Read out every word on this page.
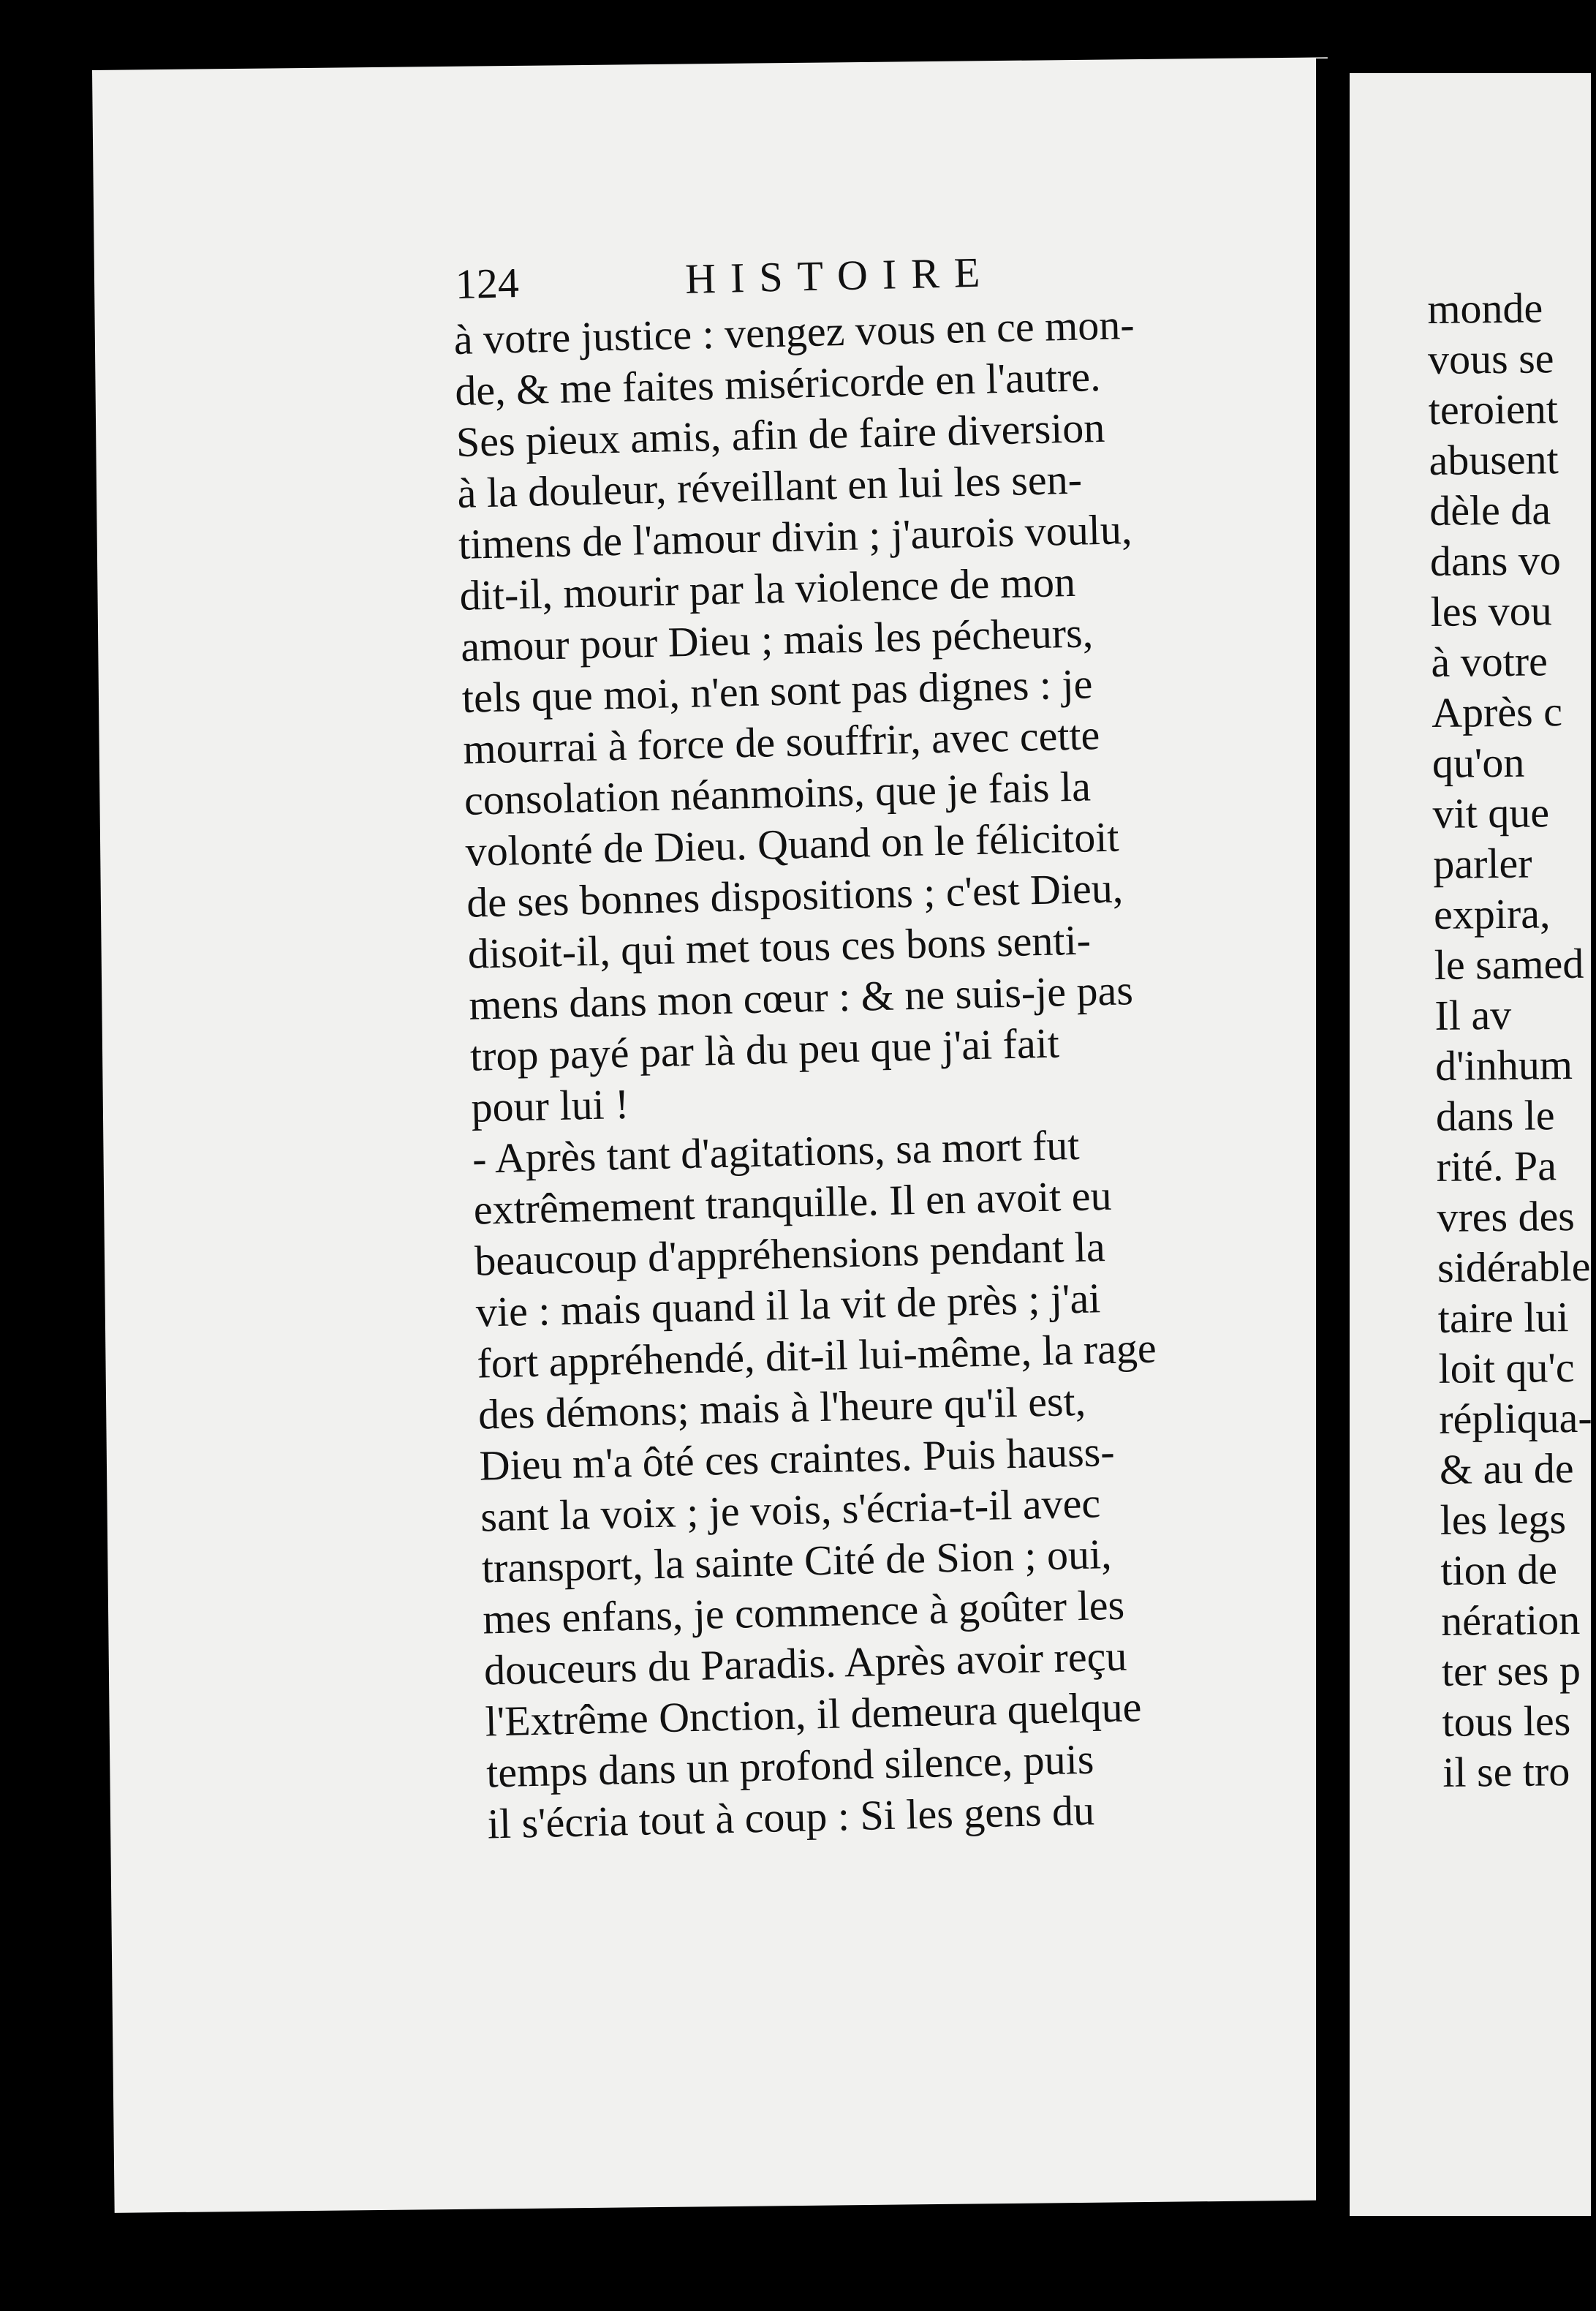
124	HISTOIRE
à votre justice : vengez vous en ce mon-
de, & me faites miséricorde en l'autre.
Ses pieux amis, afin de faire diversion
à la douleur, réveillant en lui les sen-
timens de l'amour divin ; j'aurois voulu,
dit-il, mourir par la violence de mon
amour pour Dieu ; mais les pécheurs,
tels que moi, n'en sont pas dignes : je
mourrai à force de souffrir, avec cette
consolation néanmoins, que je fais la
volonté de Dieu. Quand on le félicitoit
de ses bonnes dispositions ; c'est Dieu,
disoit-il, qui met tous ces bons senti-
mens dans mon cœur : & ne suis-je pas
trop payé par là du peu que j'ai fait
pour lui !
- Après tant d'agitations, sa mort fut
extrêmement tranquille. Il en avoit eu
beaucoup d'appréhensions pendant la
vie : mais quand il la vit de près ; j'ai
fort appréhendé, dit-il lui-même, la rage
des démons; mais à l'heure qu'il est,
Dieu m'a ôté ces craintes. Puis hauss-
sant la voix ; je vois, s'écria-t-il avec
transport, la sainte Cité de Sion ; oui,
mes enfans, je commence à goûter les
douceurs du Paradis. Après avoir reçu
l'Extrême Onction, il demeura quelque
temps dans un profond silence, puis
il s'écria tout à coup : Si les gens du
monde
vous se
teroient
abusent
dèle da
dans vo
les vou
à votre
Après c
qu'on
vit que
parler
expira,
le samed
Il av
d'inhum
dans le
rité. Pa
vres des
sidérable
taire lui
loit qu'c
répliqua-
& au de
les legs
tion de
nération
ter ses p
tous les
il se tro
